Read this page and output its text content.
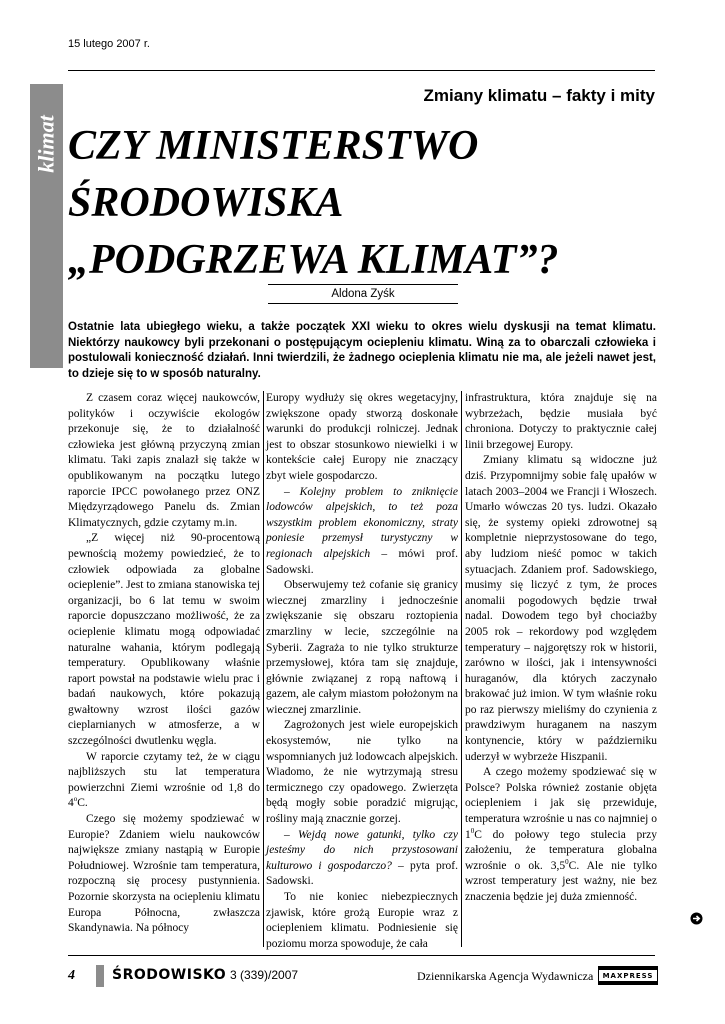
15 lutego 2007 r.
klimat
Zmiany klimatu – fakty i mity
CZY MINISTERSTWO
ŚRODOWISKA
„PODGRZEWA KLIMAT”?
Aldona Zyśk

Ostatnie lata ubiegłego wieku, a także początek XXI wieku to okres wielu dyskusji na temat klimatu. Niektórzy naukowcy byli przekonani o postępującym ociepleniu klimatu. Winą za to obarczali człowieka i postulowali konieczność działań. Inni twierdzili, że żadnego ocieplenia klimatu nie ma, ale jeżeli nawet jest, to dzieje się to w sposób naturalny.

Z czasem coraz więcej naukowców, polityków i oczywiście ekologów przekonuje się, że to działalność człowieka jest główną przyczyną zmian klimatu. Taki zapis znalazł się także w opublikowanym na początku lutego raporcie IPCC powołanego przez ONZ Międzyrządowego Panelu ds. Zmian Klimatycznych, gdzie czytamy m.in.

„Z więcej niż 90-procentową pewnością możemy powiedzieć, że to człowiek odpowiada za globalne ocieplenie”. Jest to zmiana stanowiska tej organizacji, bo 6 lat temu w swoim raporcie dopuszczano możliwość, że za ocieplenie klimatu mogą odpowiadać naturalne wahania, którym podlegają temperatury. Opublikowany właśnie raport powstał na podstawie wielu prac i badań naukowych, które pokazują gwałtowny wzrost ilości gazów cieplarnianych w atmosferze, a w szczególności dwutlenku węgla.

W raporcie czytamy też, że w ciągu najbliższych stu lat temperatura powierzchni Ziemi wzrośnie od 1,8 do 4$^o$C.

Czego się możemy spodziewać w Europie? Zdaniem wielu naukowców największe zmiany nastąpią w Europie Południowej. Wzrośnie tam temperatura, rozpoczną się procesy pustynnienia. Pozornie skorzysta na ociepleniu klimatu Europa Północna, zwłaszcza Skandynawia. Na północy

Europy wydłuży się okres wegetacyjny, zwiększone opady stworzą doskonałe warunki do produkcji rolniczej. Jednak jest to obszar stosunkowo niewielki i w kontekście całej Europy nie znaczący zbyt wiele gospodarczo.

– Kolejny problem to zniknięcie lodowców alpejskich, to też poza wszystkim problem ekonomiczny, straty poniesie przemysł turystyczny w regionach alpejskich – mówi prof. Sadowski.

Obserwujemy też cofanie się granicy wiecznej zmarzliny i jednocześnie zwiększanie się obszaru roztopienia zmarzliny w lecie, szczególnie na Syberii. Zagraża to nie tylko strukturze przemysłowej, która tam się znajduje, głównie związanej z ropą naftową i gazem, ale całym miastom położonym na wiecznej zmarzlinie.

Zagrożonych jest wiele europejskich ekosystemów, nie tylko na wspomnianych już lodowcach alpejskich. Wiadomo, że nie wytrzymają stresu termicznego czy opadowego. Zwierzęta będą mogły sobie poradzić migrując, rośliny mają znacznie gorzej.

– Wejdą nowe gatunki, tylko czy jesteśmy do nich przystosowani kulturowo i gospodarczo? – pyta prof. Sadowski.

To nie koniec niebezpiecznych zjawisk, które grożą Europie wraz z ociepleniem klimatu. Podniesienie się poziomu morza spowoduje, że cała

infrastruktura, która znajduje się na wybrzeżach, będzie musiała być chroniona. Dotyczy to praktycznie całej linii brzegowej Europy.

Zmiany klimatu są widoczne już dziś. Przypomnijmy sobie falę upałów w latach 2003–2004 we Francji i Włoszech. Umarło wówczas 20 tys. ludzi. Okazało się, że systemy opieki zdrowotnej są kompletnie nieprzystosowane do tego, aby ludziom nieść pomoc w takich sytuacjach. Zdaniem prof. Sadowskiego, musimy się liczyć z tym, że proces anomalii pogodowych będzie trwał nadal. Dowodem tego był chociażby 2005 rok – rekordowy pod względem temperatury – najgorętszy rok w historii, zarówno w ilości, jak i intensywności huraganów, dla których zaczynało brakować już imion. W tym właśnie roku po raz pierwszy mieliśmy do czynienia z prawdziwym huraganem na naszym kontynencie, który w październiku uderzył w wybrzeże Hiszpanii.

A czego możemy spodziewać się w Polsce? Polska również zostanie objęta ociepleniem i jak się przewiduje, temperatura wzrośnie u nas co najmniej o $1^0C$ do połowy tego stulecia przy założeniu, że temperatura globalna wzrośnie o ok. $3,5^0C$. Ale nie tylko wzrost temperatury jest ważny, nie bez znaczenia będzie jej duża zmienność.

4	ŚRODOWISKO 3 (339)/2007	Dziennikarska Agencja Wydawnicza	MAXPRESS
